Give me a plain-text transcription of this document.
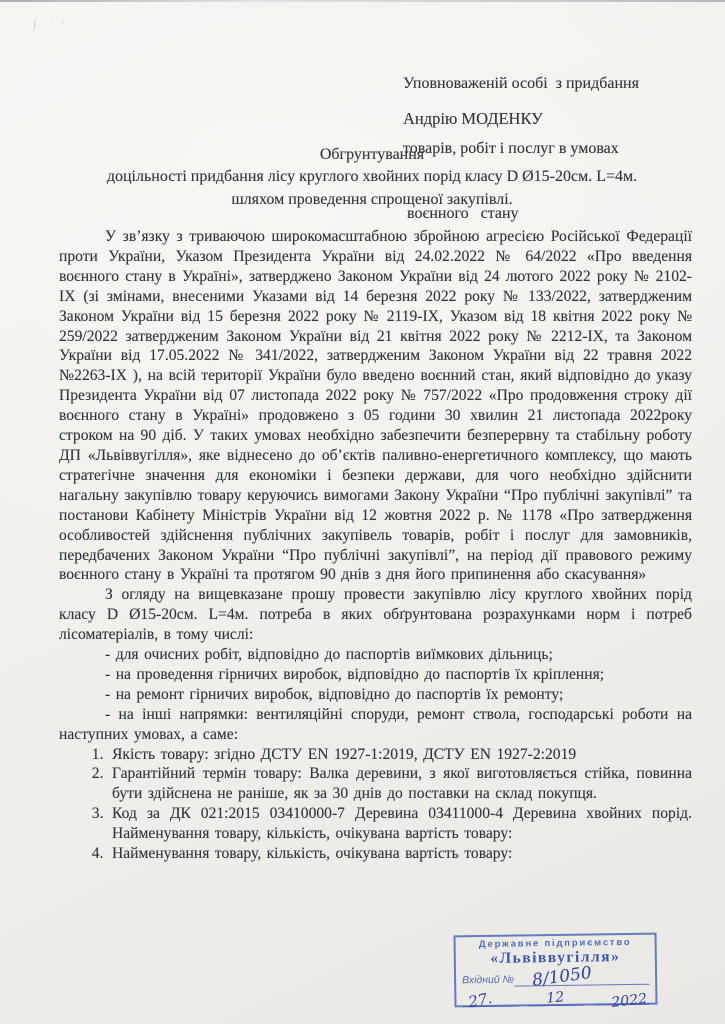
ʃ  · ᵢ
–

Уповноваженій особі  з придбання

товарів, робіт і послуг в умовах

воєнного   стану

Андрію МОДЕНКУ
Обгрунтування
доцільності придбання лісу круглого хвойних порід класу D Ø15-20см. L=4м.
шляхом проведення спрощеної закупівлі.

У зв’язку з триваючою широкомасштабною збройною агресією Російської Федерації проти України, Указом Президента України від 24.02.2022 № 64/2022 «Про введення воєнного стану в Україні», затверджено Законом України від 24 лютого 2022 року № 2102-ІХ (зі змінами, внесеними Указами від 14 березня 2022 року № 133/2022, затвердженим Законом України від 15 березня 2022 року № 2119-ІХ, Указом від 18 квітня 2022 року № 259/2022 затвердженим Законом України від 21 квітня 2022 року № 2212-ІХ, та Законом України від 17.05.2022 № 341/2022, затвердженим Законом України від 22 травня 2022 №2263-ІХ ), на всій території України було введено воєнний стан, який відповідно до указу Президента України від 07 листопада 2022 року № 757/2022 «Про продовження строку дії воєнного стану в Україні» продовжено з 05 години 30 хвилин 21 листопада 2022року строком на 90 діб. У таких умовах необхідно забезпечити безперервну та стабільну роботу ДП «Львіввугілля», яке віднесено до об’єктів паливно-енергетичного комплексу, що мають стратегічне значення для економіки і безпеки держави, для чого необхідно здійснити нагальну закупівлю товару керуючись вимогами Закону України “Про публічні закупівлі” та постанови Кабінету Міністрів України від 12 жовтня 2022 р. № 1178 «Про затвердження особливостей здійснення публічних закупівель товарів, робіт і послуг для замовників, передбачених Законом України “Про публічні закупівлі”, на період дії правового режиму воєнного стану в Україні та протягом 90 днів з дня його припинення або скасування»

З огляду на вищевказане прошу провести закупівлю лісу круглого хвойних порід класу D Ø15-20см. L=4м. потреба в яких обґрунтована розрахунками норм і потреб лісоматеріалів, в тому числі:

- для очисних робіт, відповідно до паспортів виїмкових дільниць;
- на проведення гірничих виробок, відповідно до паспортів їх кріплення;
- на ремонт гірничих виробок, відповідно до паспортів їх ремонту;
- на інші напрямки: вентиляційні споруди, ремонт ствола, господарські роботи на наступних умовах, а саме:
1. Якість товару: згідно ДСТУ EN 1927-1:2019, ДСТУ EN 1927-2:2019
2. Гарантійний термін товару: Валка деревини, з якої виготовляється стійка, повинна бути здійснена не раніше, як за 30 днів до поставки на склад покупця.
3. Код за ДК 021:2015 03410000-7 Деревина 03411000-4 Деревина хвойних порід. Найменування товару, кількість, очікувана вартість товару:
4. Найменування товару, кількість, очікувана вартість товару:
Державне підприємство
«Львіввугілля»
Вхідний № 8/1050
27.	12	2022
